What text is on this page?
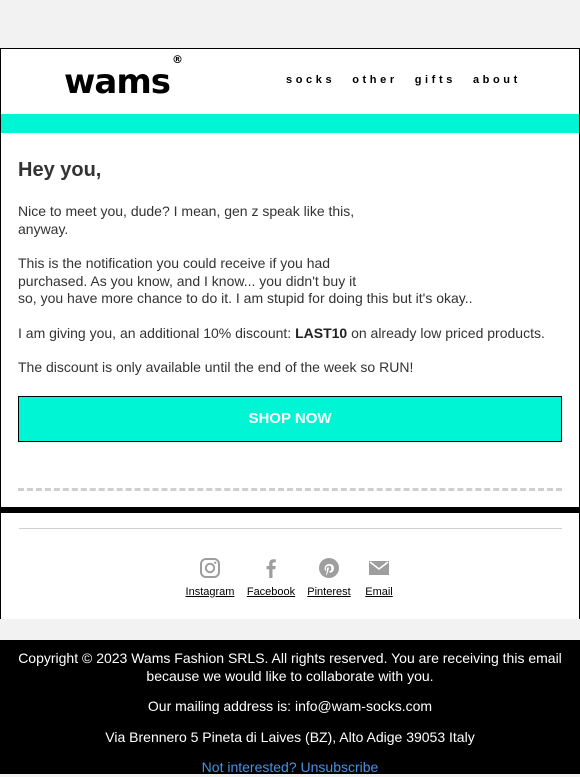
wams®
socks other gifts about
Hey you,

Nice to meet you, dude? I mean, gen z speak like this,
anyway.

This is the notification you could receive if you had
purchased. As you know, and I know... you didn't buy it
so, you have more chance to do it. I am stupid for doing this but it's okay..

I am giving you, an additional 10% discount: LAST10 on already low priced products.

The discount is only available until the end of the week so RUN!

SHOP NOW
Instagram	Facebook	Pinterest	Email

Copyright © 2023 Wams Fashion SRLS. All rights reserved. You are receiving this email
because we would like to collaborate with you.

Our mailing address is: info@wam-socks.com

Via Brennero 5 Pineta di Laives (BZ), Alto Adige 39053 Italy

Not interested? Unsubscribe
